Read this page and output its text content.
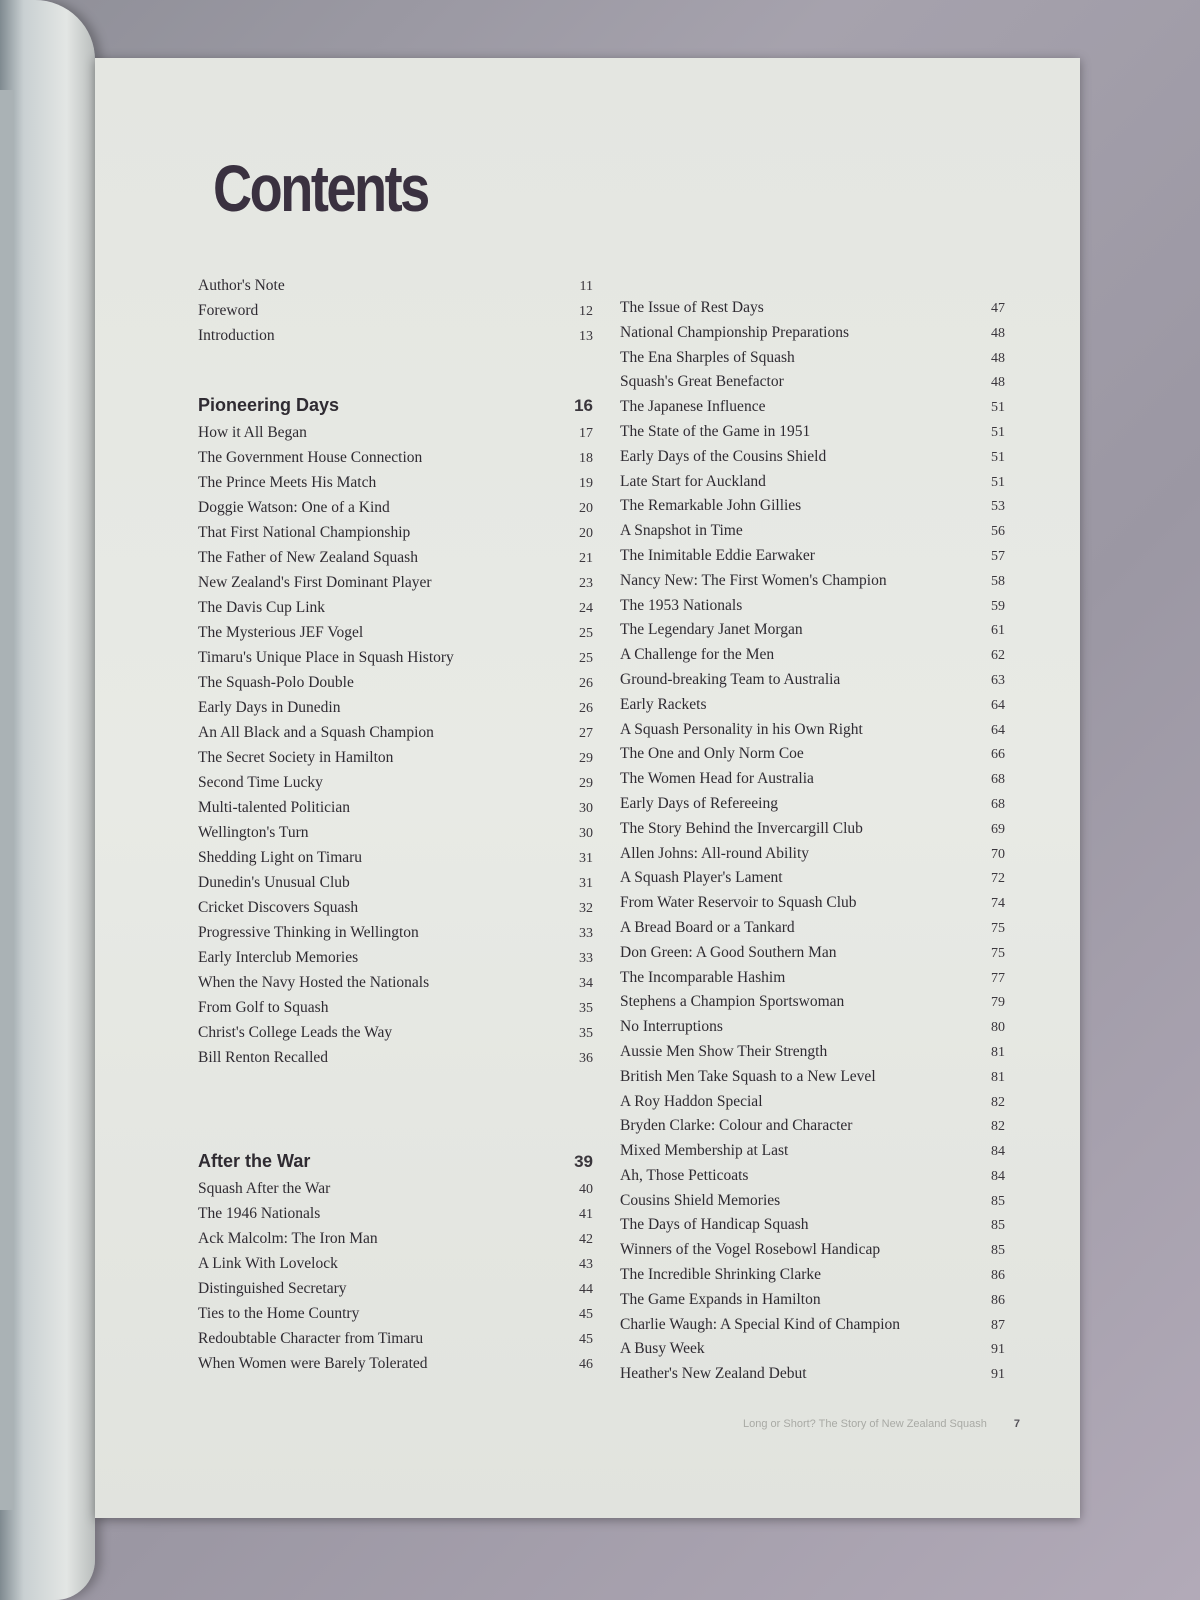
Contents
Author's Note	11
Foreword	12
Introduction	13
Pioneering Days	16
How it All Began	17
The Government House Connection	18
The Prince Meets His Match	19
Doggie Watson: One of a Kind	20
That First National Championship	20
The Father of New Zealand Squash	21
New Zealand's First Dominant Player	23
The Davis Cup Link	24
The Mysterious JEF Vogel	25
Timaru's Unique Place in Squash History	25
The Squash-Polo Double	26
Early Days in Dunedin	26
An All Black and a Squash Champion	27
The Secret Society in Hamilton	29
Second Time Lucky	29
Multi-talented Politician	30
Wellington's Turn	30
Shedding Light on Timaru	31
Dunedin's Unusual Club	31
Cricket Discovers Squash	32
Progressive Thinking in Wellington	33
Early Interclub Memories	33
When the Navy Hosted the Nationals	34
From Golf to Squash	35
Christ's College Leads the Way	35
Bill Renton Recalled	36
After the War	39
Squash After the War	40
The 1946 Nationals	41
Ack Malcolm: The Iron Man	42
A Link With Lovelock	43
Distinguished Secretary	44
Ties to the Home Country	45
Redoubtable Character from Timaru	45
When Women were Barely Tolerated	46
The Issue of Rest Days	47
National Championship Preparations	48
The Ena Sharples of Squash	48
Squash's Great Benefactor	48
The Japanese Influence	51
The State of the Game in 1951	51
Early Days of the Cousins Shield	51
Late Start for Auckland	51
The Remarkable John Gillies	53
A Snapshot in Time	56
The Inimitable Eddie Earwaker	57
Nancy New: The First Women's Champion	58
The 1953 Nationals	59
The Legendary Janet Morgan	61
A Challenge for the Men	62
Ground-breaking Team to Australia	63
Early Rackets	64
A Squash Personality in his Own Right	64
The One and Only Norm Coe	66
The Women Head for Australia	68
Early Days of Refereeing	68
The Story Behind the Invercargill Club	69
Allen Johns: All-round Ability	70
A Squash Player's Lament	72
From Water Reservoir to Squash Club	74
A Bread Board or a Tankard	75
Don Green: A Good Southern Man	75
The Incomparable Hashim	77
Stephens a Champion Sportswoman	79
No Interruptions	80
Aussie Men Show Their Strength	81
British Men Take Squash to a New Level	81
A Roy Haddon Special	82
Bryden Clarke: Colour and Character	82
Mixed Membership at Last	84
Ah, Those Petticoats	84
Cousins Shield Memories	85
The Days of Handicap Squash	85
Winners of the Vogel Rosebowl Handicap	85
The Incredible Shrinking Clarke	86
The Game Expands in Hamilton	86
Charlie Waugh: A Special Kind of Champion	87
A Busy Week	91
Heather's New Zealand Debut	91
Long or Short? The Story of New Zealand Squash 7
